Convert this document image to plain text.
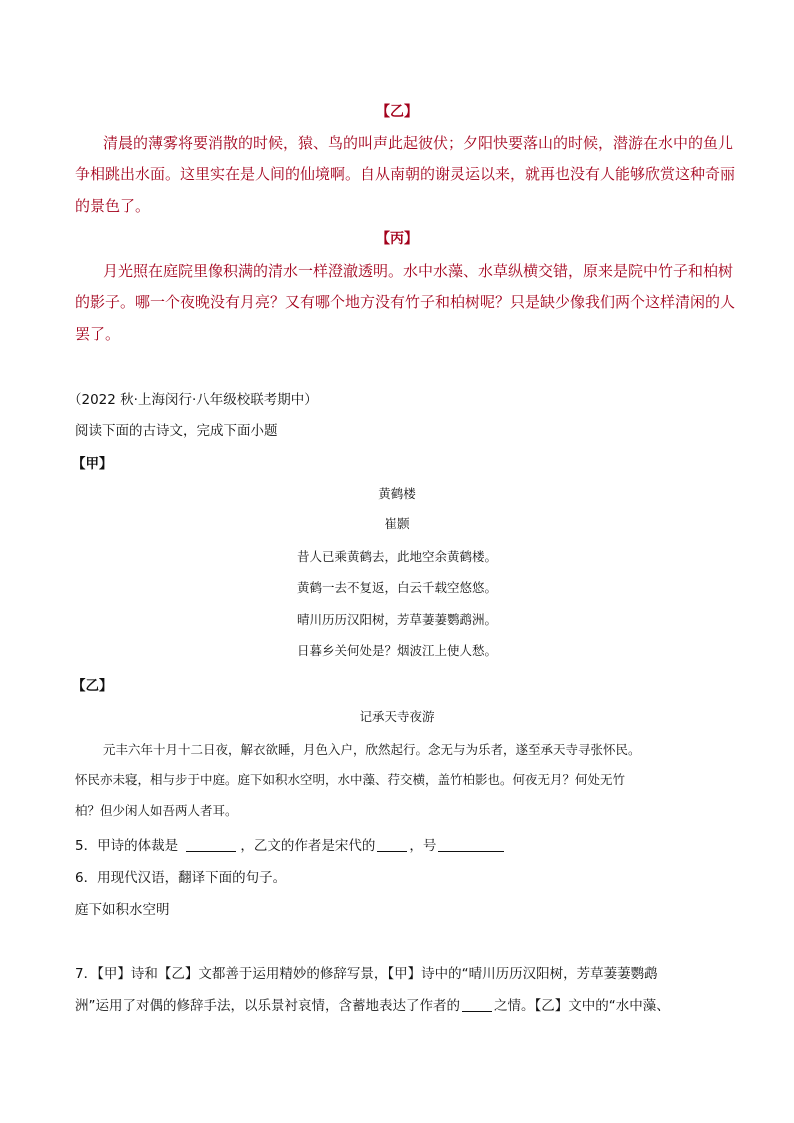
【乙】
清晨的薄雾将要消散的时候，猿、鸟的叫声此起彼伏；夕阳快要落山的时候，潜游在水中的鱼儿
争相跳出水面。这里实在是人间的仙境啊。自从南朝的谢灵运以来，就再也没有人能够欣赏这种奇丽
的景色了。
【丙】
月光照在庭院里像积满的清水一样澄澈透明。水中水藻、水草纵横交错，原来是院中竹子和柏树
的影子。哪一个夜晚没有月亮？又有哪个地方没有竹子和柏树呢？只是缺少像我们两个这样清闲的人
罢了。
（2022 秋·上海闵行·八年级校联考期中）
阅读下面的古诗文，完成下面小题
【甲】
黄鹤楼
崔颢
昔人已乘黄鹤去，此地空余黄鹤楼。
黄鹤一去不复返，白云千载空悠悠。
晴川历历汉阳树，芳草萋萋鹦鹉洲。
日暮乡关何处是？烟波江上使人愁。
【乙】
记承天寺夜游
元丰六年十月十二日夜，解衣欲睡，月色入户，欣然起行。念无与为乐者，遂至承天寺寻张怀民。
怀民亦未寝，相与步于中庭。庭下如积水空明，水中藻、荇交横，盖竹柏影也。何夜无月？何处无竹
柏？但少闲人如吾两人者耳。
5．甲诗的体裁是	，乙文的作者是宋代的	，号
6．用现代汉语，翻译下面的句子。
庭下如积水空明
7．【甲】诗和【乙】文都善于运用精妙的修辞写景，【甲】诗中的“晴川历历汉阳树，芳草萋萋鹦鹉
洲”运用了对偶的修辞手法，以乐景衬哀情，含蓄地表达了作者的	之情。【乙】文中的“水中藻、
